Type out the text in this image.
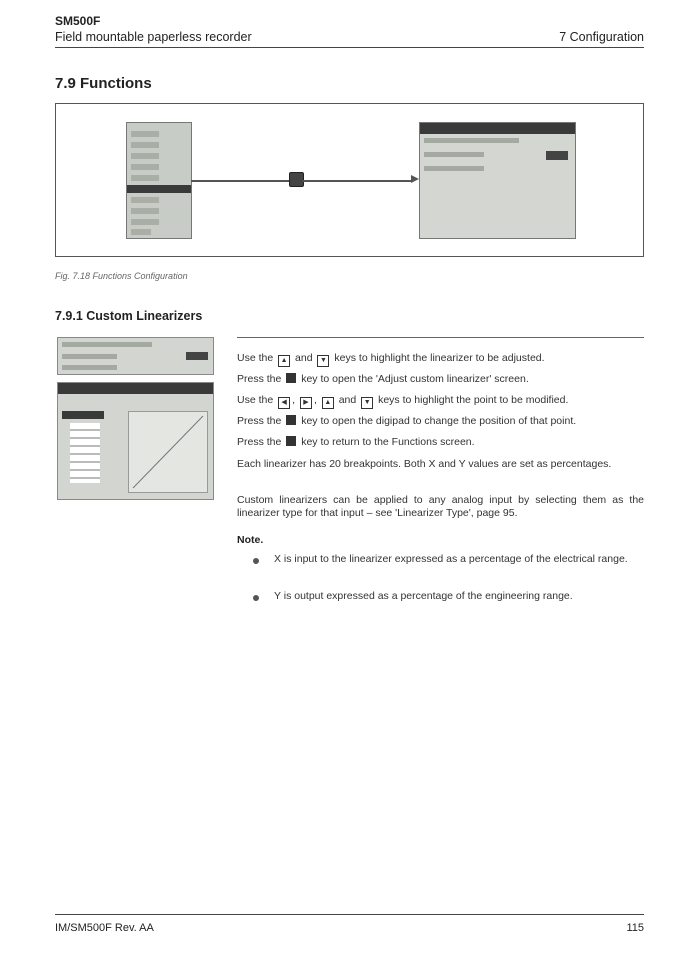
SM500F
Field mountable paperless recorder	7 Configuration
7.9 Functions
Fig. 7.18 Functions Configuration
7.9.1 Custom Linearizers
Use the ▲ and ▼ keys to highlight the linearizer to be adjusted.
Press the key to open the 'Adjust custom linearizer' screen.
Use the ◀ , ▶ , ▲ and ▼ keys to highlight the point to be modified.
Press the key to open the digipad to change the position of that point.
Press the key to return to the Functions screen.
Each linearizer has 20 breakpoints. Both X and Y values are set as percentages.
Custom linearizers can be applied to any analog input by selecting them as the linearizer type for that input – see 'Linearizer Type', page 95.
Note.
X is input to the linearizer expressed as a percentage of the electrical range.
Y is output expressed as a percentage of the engineering range.
IM/SM500F Rev. AA	115
